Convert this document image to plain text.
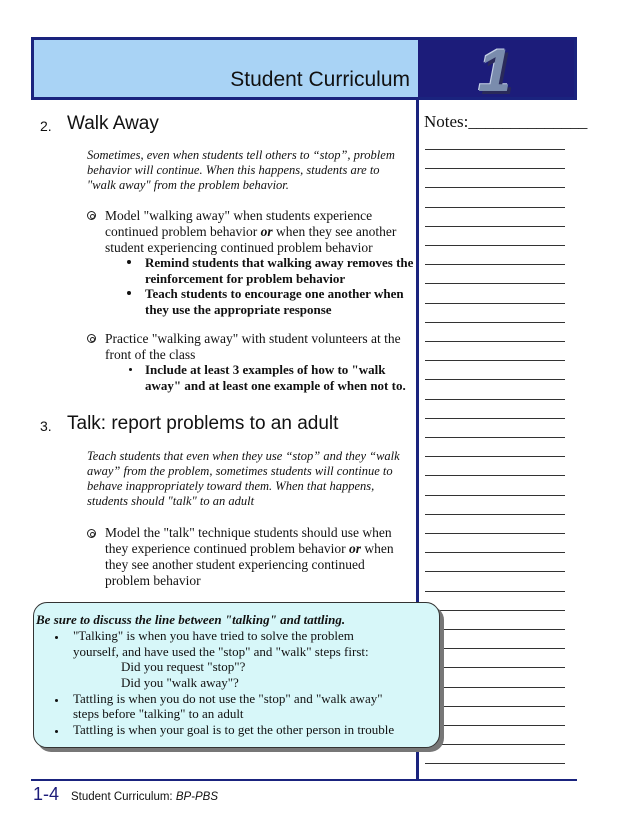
Student Curriculum 1
Notes:______________
2. Walk Away
Sometimes, even when students tell others to “stop”, problem behavior will continue. When this happens, students are to "walk away" from the problem behavior.
Model "walking away" when students experience continued problem behavior or when they see another student experiencing continued problem behavior
Remind students that walking away removes the reinforcement for problem behavior
Teach students to encourage one another when they use the appropriate response
Practice "walking away" with student volunteers at the front of the class
Include at least 3 examples of how to "walk away" and at least one example of when not to.
3. Talk: report problems to an adult
Teach students that even when they use “stop” and they “walk away” from the problem, sometimes students will continue to behave inappropriately toward them. When that happens, students should "talk" to an adult
Model the "talk" technique students should use when they experience continued problem behavior or when they see another student experiencing continued problem behavior
Be sure to discuss the line between "talking" and tattling.
"Talking" is when you have tried to solve the problem
yourself, and have used the "stop" and "walk" steps first:
Did you request "stop"?
Did you "walk away"?
Tattling is when you do not use the "stop" and "walk away"
steps before "talking" to an adult
Tattling is when your goal is to get the other person in trouble
1-4 Student Curriculum: BP-PBS
